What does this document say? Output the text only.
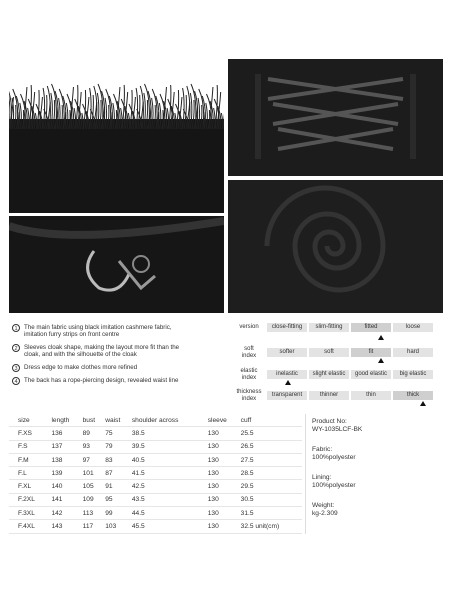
1	The main fabric using black imitation cashmere fabric,
imitation furry strips on front centre
2	Sleeves cloak shape, making the layout more fit than the
cloak, and with the silhouette of the cloak
3	Dress edge to make clothes more refined
4	The back has a rope-piercing design, revealed waist line
version	close-fitting	slim-fitting	fitted	loose
soft
index
softer	soft	fit	hard
elastic
index
inelastic	slight elastic	good elastic	big elastic
thickness
index
transparent	thinner	thin	thick
size	length	bust	waist	shoulder across	sleeve	cuff
F.XS	136	89	75	38.5	130	25.5
F.S	137	93	79	39.5	130	26.5
F.M	138	97	83	40.5	130	27.5
F.L	139	101	87	41.5	130	28.5
F.XL	140	105	91	42.5	130	29.5
F.2XL	141	109	95	43.5	130	30.5
F.3XL	142	113	99	44.5	130	31.5
F.4XL	143	117	103	45.5	130	32.5 unit(cm)
Product No:
WY-1035LCF-BK
Fabric:
100%polyester
Lining:
100%polyester
Weight:
kg-2.309
